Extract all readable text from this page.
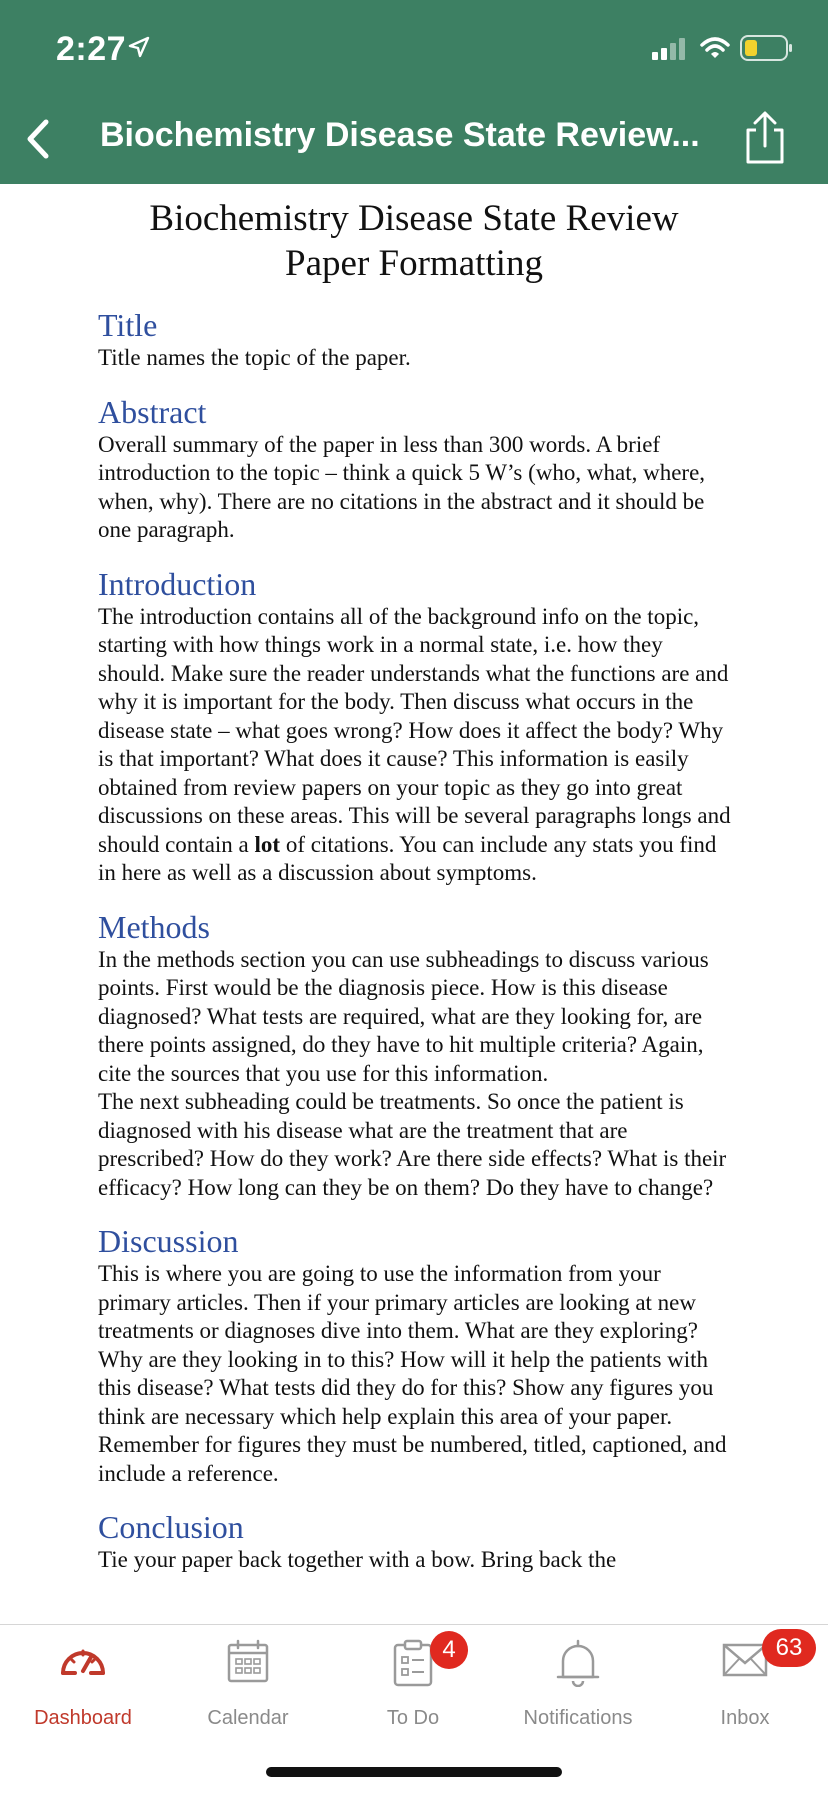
2:27
Biochemistry Disease State Review...
Biochemistry Disease State Review
Paper Formatting
Title
Title names the topic of the paper.
Abstract
Overall summary of the paper in less than 300 words. A brief introduction to the topic – think a quick 5 W’s (who, what, where, when, why). There are no citations in the abstract and it should be one paragraph.
Introduction
The introduction contains all of the background info on the topic, starting with how things work in a normal state, i.e. how they should. Make sure the reader understands what the functions are and why it is important for the body. Then discuss what occurs in the disease state – what goes wrong? How does it affect the body? Why is that important? What does it cause? This information is easily obtained from review papers on your topic as they go into great discussions on these areas. This will be several paragraphs longs and should contain a lot of citations. You can include any stats you find in here as well as a discussion about symptoms.
Methods

In the methods section you can use subheadings to discuss various points. First would be the diagnosis piece. How is this disease diagnosed? What tests are required, what are they looking for, are there points assigned, do they have to hit multiple criteria? Again, cite the sources that you use for this information.

The next subheading could be treatments. So once the patient is diagnosed with his disease what are the treatment that are prescribed? How do they work? Are there side effects? What is their efficacy? How long can they be on them? Do they have to change?

Discussion
This is where you are going to use the information from your primary articles. Then if your primary articles are looking at new treatments or diagnoses dive into them. What are they exploring? Why are they looking in to this? How will it help the patients with this disease? What tests did they do for this? Show any figures you think are necessary which help explain this area of your paper. Remember for figures they must be numbered, titled, captioned, and include a reference.
Conclusion
Tie your paper back together with a bow. Bring back the
Dashboard	Calendar
4
To Do	Notifications
63
Inbox
